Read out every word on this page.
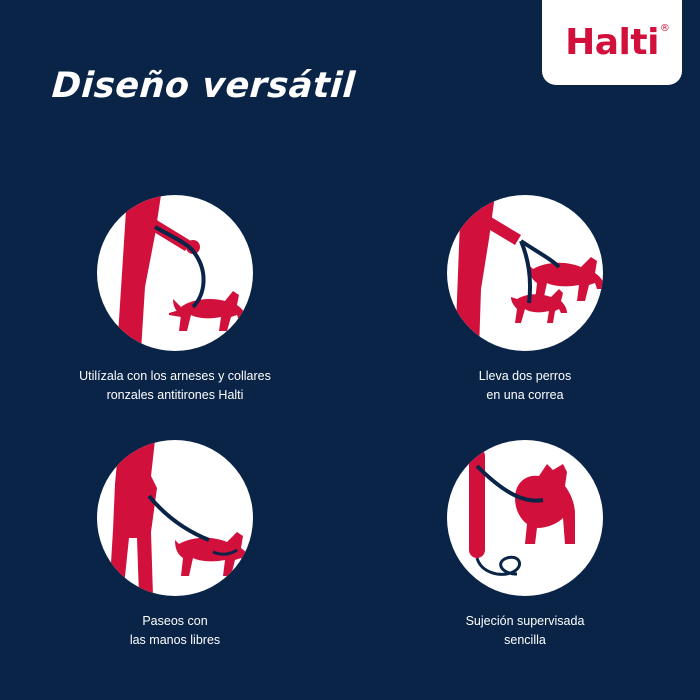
Halti ®
Diseño versátil
Utilízala con los arneses y collares
ronzales antitirones Halti
Lleva dos perros
en una correa
Paseos con
las manos libres
Sujeción supervisada
sencilla
